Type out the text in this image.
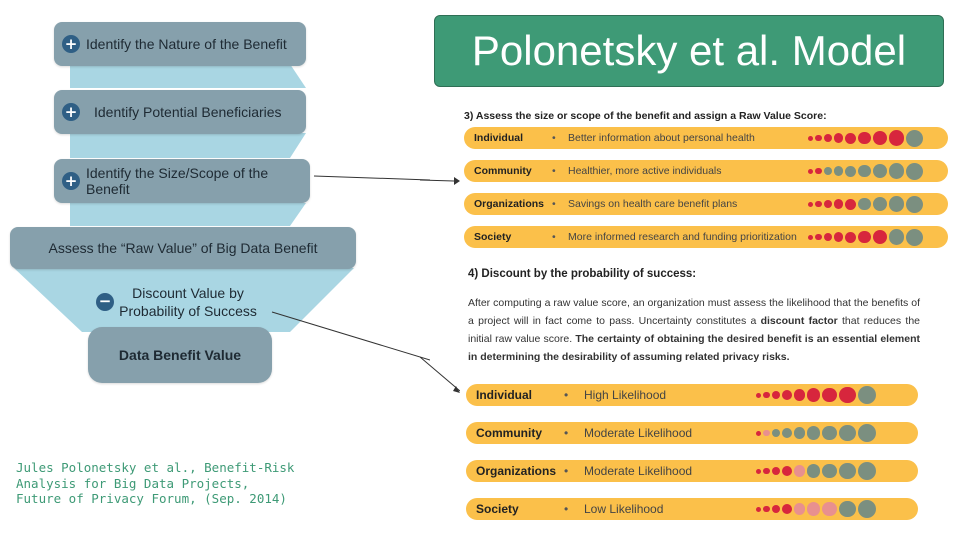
+ Identify the Nature of the Benefit
+ Identify Potential Beneficiaries
+ Identify the Size/Scope of the Benefit
Assess the “Raw Value” of Big Data Benefit
−	Discount Value by Probability of Success
Data Benefit Value
Jules Polonetsky et al., Benefit-Risk
Analysis for Big Data Projects,
Future of Privacy Forum, (Sep. 2014)
Polonetsky et al. Model
3) Assess the size or scope of the benefit and assign a Raw Value Score:
Individual	• Better information about personal health
Community • Healthier, more active individuals
Organizations • Savings on health care benefit plans
Society	• More informed research and funding prioritization
4) Discount by the probability of success:
After computing a raw value score, an organization must assess the likelihood that the benefits of a project will in fact come to pass. Uncertainty constitutes a discount factor that reduces the initial raw value score. The certainty of obtaining the desired benefit is an essential element in determining the desirability of assuming related privacy risks.
Individual	• High Likelihood
Community • Moderate Likelihood
Organizations • Moderate Likelihood
Society	• Low Likelihood
